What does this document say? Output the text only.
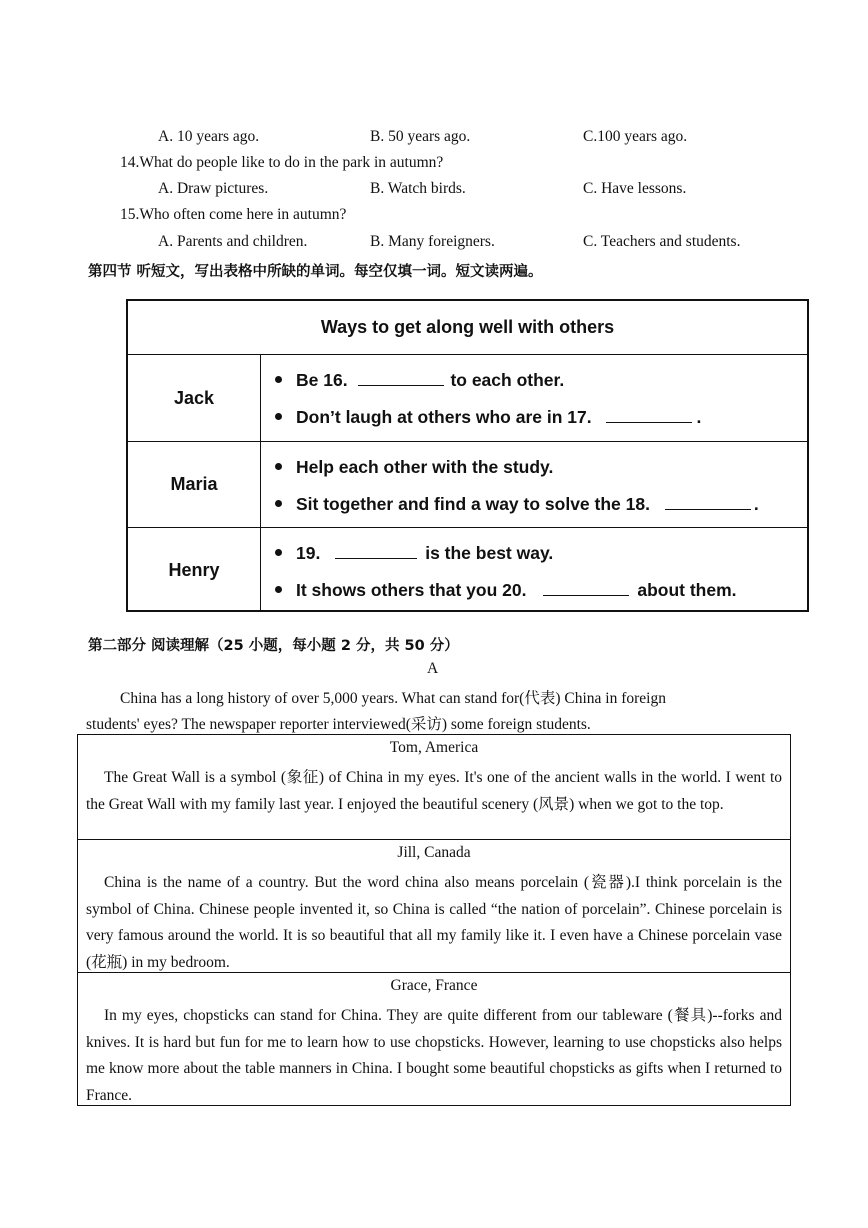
A. 10 years ago.	B. 50 years ago.	C.100 years ago.
14.What do people like to do in the park in autumn?
A. Draw pictures.	B. Watch birds.	C. Have lessons.
15.Who often come here in autumn?
A. Parents and children.	B. Many foreigners.	C. Teachers and students.
第四节 听短文，写出表格中所缺的单词。每空仅填一词。短文读两遍。
Ways to get along well with others
Jack
Be 16.	to each other.
Don’t laugh at others who are in 17.	.
Maria
Help each other with the study.
Sit together and find a way to solve the 18.	.
Henry
19.	is the best way.
It shows others that you 20.	about them.
第二部分 阅读理解（25 小题，每小题 2 分，共 50 分）
A
China has a long history of over 5,000 years. What can stand for(代表) China in foreign
students' eyes? The newspaper reporter interviewed(采访) some foreign students.
Tom, America
The Great Wall is a symbol (象征) of China in my eyes. It's one of the ancient walls in the world. I went to the Great Wall with my family last year. I enjoyed the beautiful scenery (风景) when we got to the top.
Jill, Canada
China is the name of a country. But the word china also means porcelain (瓷器).I think porcelain is the symbol of China. Chinese people invented it, so China is called “the nation of porcelain”. Chinese porcelain is very famous around the world. It is so beautiful that all my family like it. I even have a Chinese porcelain vase (花瓶) in my bedroom.
Grace, France
In my eyes, chopsticks can stand for China. They are quite different from our tableware (餐具)--forks and knives. It is hard but fun for me to learn how to use chopsticks. However, learning to use chopsticks also helps me know more about the table manners in China. I bought some beautiful chopsticks as gifts when I returned to France.
